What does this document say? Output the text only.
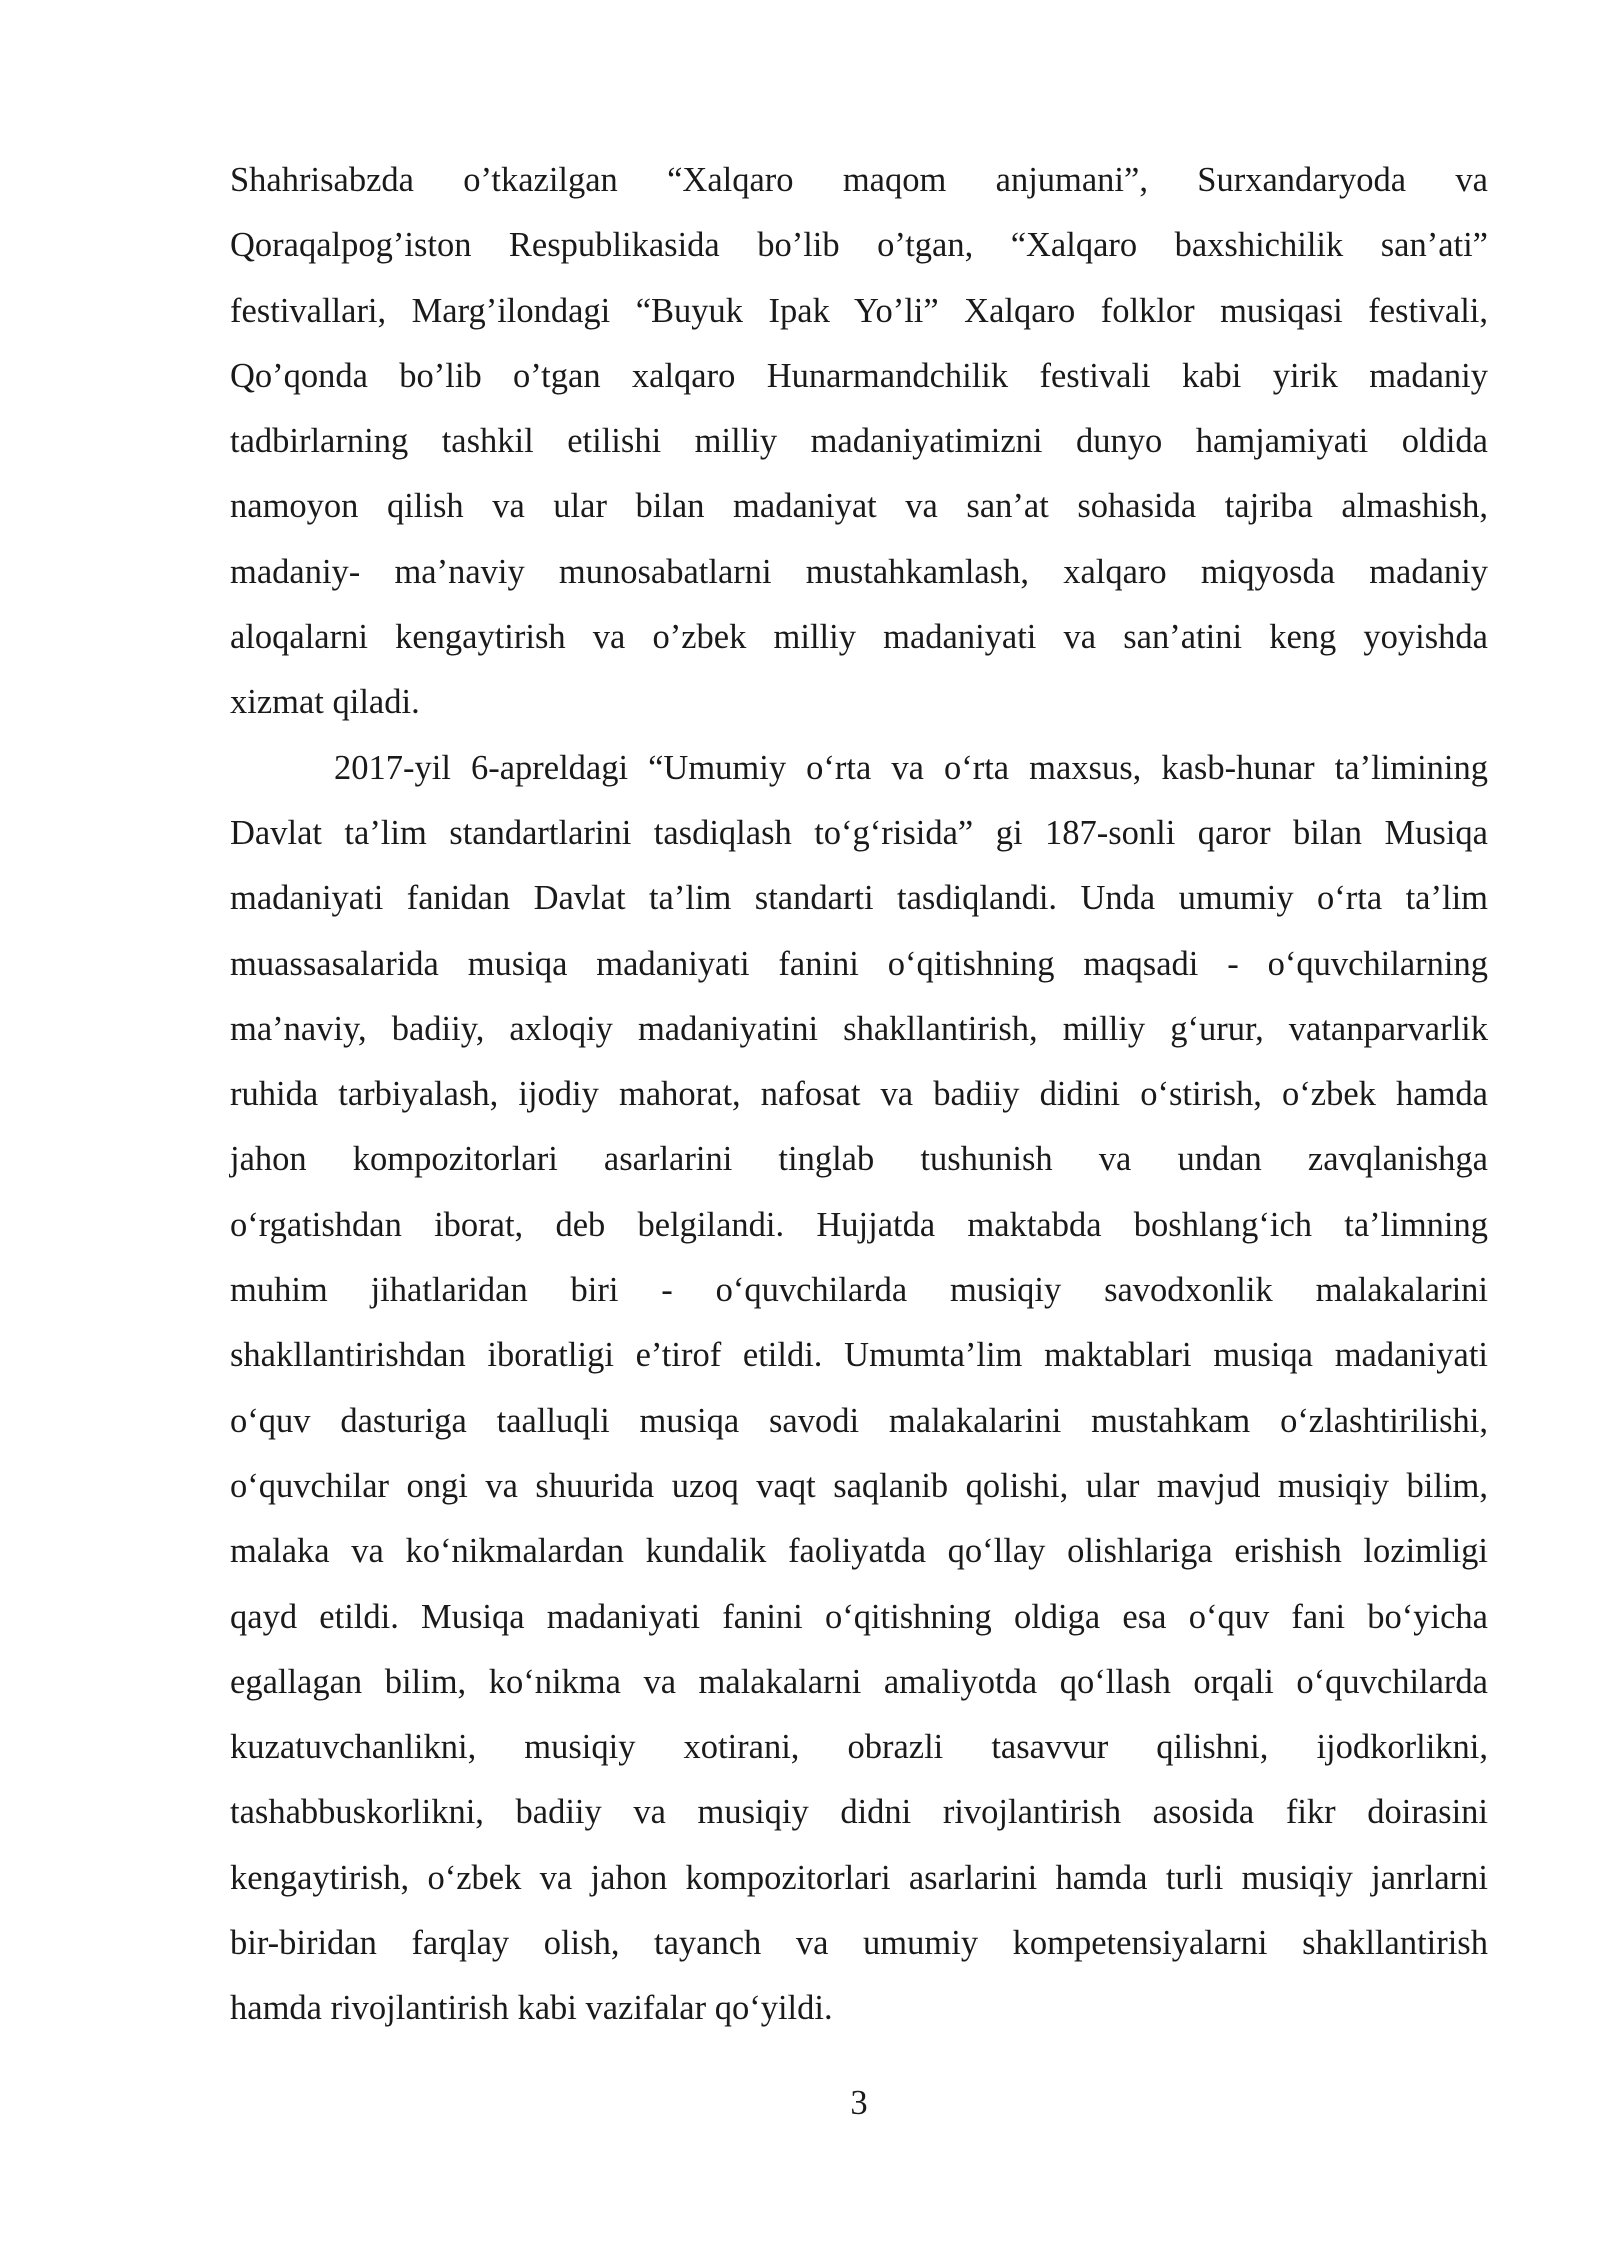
Shahrisabzda o’tkazilgan “Xalqaro maqom anjumani”, Surxandaryoda va
Qoraqalpog’iston Respublikasida bo’lib o’tgan, “Xalqaro baxshichilik san’ati”
festivallari, Marg’ilondagi “Buyuk Ipak Yo’li” Xalqaro folklor musiqasi festivali,
Qo’qonda bo’lib o’tgan xalqaro Hunarmandchilik festivali kabi yirik madaniy
tadbirlarning tashkil etilishi milliy madaniyatimizni dunyo hamjamiyati oldida
namoyon qilish va ular bilan madaniyat va san’at sohasida tajriba almashish,
madaniy- ma’naviy munosabatlarni mustahkamlash, xalqaro miqyosda madaniy
aloqalarni kengaytirish va o’zbek milliy madaniyati va san’atini keng yoyishda
xizmat qiladi.

2017-yil 6-apreldagi “Umumiy o‘rta va o‘rta maxsus, kasb-hunar ta’limining
Davlat ta’lim standartlarini tasdiqlash to‘g‘risida” gi 187-sonli qaror bilan Musiqa
madaniyati fanidan Davlat ta’lim standarti tasdiqlandi. Unda umumiy o‘rta ta’lim
muassasalarida musiqa madaniyati fanini o‘qitishning maqsadi - o‘quvchilarning
ma’naviy, badiiy, axloqiy madaniyatini shakllantirish, milliy g‘urur, vatanparvarlik
ruhida tarbiyalash, ijodiy mahorat, nafosat va badiiy didini o‘stirish, o‘zbek hamda
jahon kompozitorlari asarlarini tinglab tushunish va undan zavqlanishga
o‘rgatishdan iborat, deb belgilandi. Hujjatda maktabda boshlang‘ich ta’limning
muhim jihatlaridan biri - o‘quvchilarda musiqiy savodxonlik malakalarini
shakllantirishdan iboratligi e’tirof etildi. Umumta’lim maktablari musiqa madaniyati
o‘quv dasturiga taalluqli musiqa savodi malakalarini mustahkam o‘zlashtirilishi,
o‘quvchilar ongi va shuurida uzoq vaqt saqlanib qolishi, ular mavjud musiqiy bilim,
malaka va ko‘nikmalardan kundalik faoliyatda qo‘llay olishlariga erishish lozimligi
qayd etildi. Musiqa madaniyati fanini o‘qitishning oldiga esa o‘quv fani bo‘yicha
egallagan bilim, ko‘nikma va malakalarni amaliyotda qo‘llash orqali o‘quvchilarda
kuzatuvchanlikni, musiqiy xotirani, obrazli tasavvur qilishni, ijodkorlikni,
tashabbuskorlikni, badiiy va musiqiy didni rivojlantirish asosida fikr doirasini
kengaytirish, o‘zbek va jahon kompozitorlari asarlarini hamda turli musiqiy janrlarni
bir-biridan farqlay olish, tayanch va umumiy kompetensiyalarni shakllantirish
hamda rivojlantirish kabi vazifalar qo‘yildi.

3
